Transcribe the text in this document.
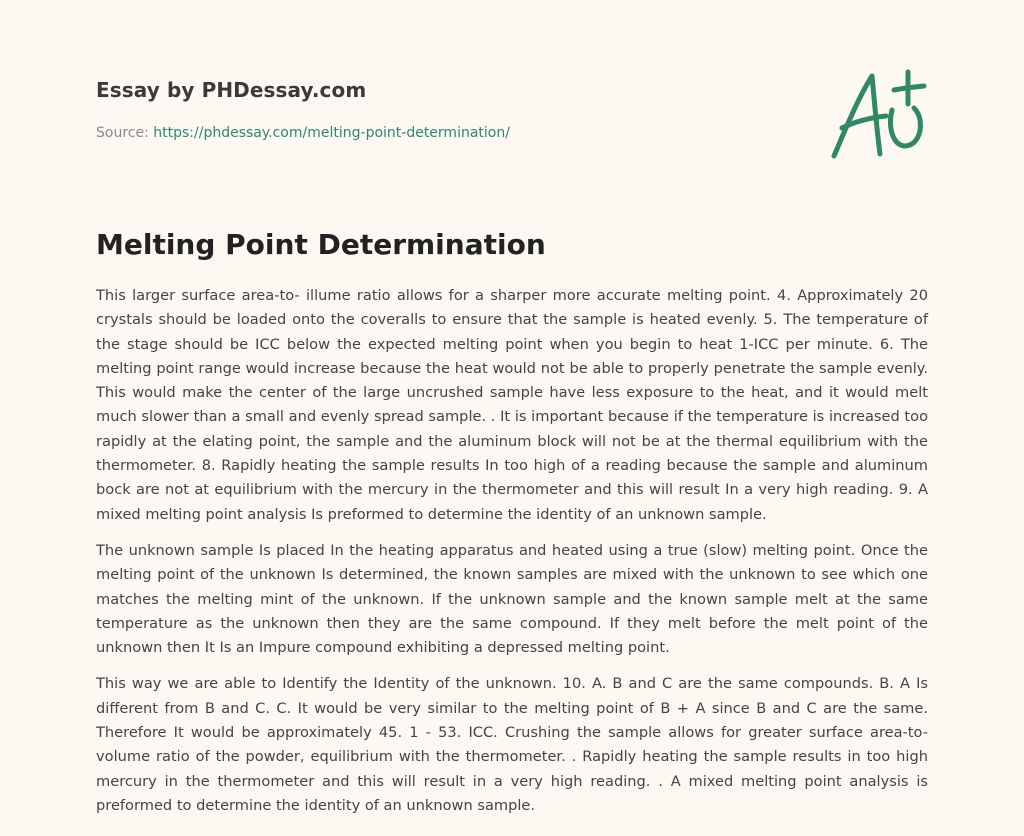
Essay by PHDessay.com
Source: https://phdessay.com/melting-point-determination/
Melting Point Determination

This larger surface area-to- illume ratio allows for a sharper more accurate melting point. 4. Approximately 20 crystals should be loaded onto the coveralls to ensure that the sample is heated evenly. 5. The temperature of the stage should be ICC below the expected melting point when you begin to heat 1-ICC per minute. 6. The melting point range would increase because the heat would not be able to properly penetrate the sample evenly. This would make the center of the large uncrushed sample have less exposure to the heat, and it would melt much slower than a small and evenly spread sample. . It is important because if the temperature is increased too rapidly at the elating point, the sample and the aluminum block will not be at the thermal equilibrium with the thermometer. 8. Rapidly heating the sample results In too high of a reading because the sample and aluminum bock are not at equilibrium with the mercury in the thermometer and this will result In a very high reading. 9. A mixed melting point analysis Is preformed to determine the identity of an unknown sample.

The unknown sample Is placed In the heating apparatus and heated using a true (slow) melting point. Once the melting point of the unknown Is determined, the known samples are mixed with the unknown to see which one matches the melting mint of the unknown. If the unknown sample and the known sample melt at the same temperature as the unknown then they are the same compound. If they melt before the melt point of the unknown then It Is an Impure compound exhibiting a depressed melting point.

This way we are able to Identify the Identity of the unknown. 10. A. B and C are the same compounds. B. A Is different from B and C. C. It would be very similar to the melting point of B + A since B and C are the same. Therefore It would be approximately 45. 1 - 53. ICC. Crushing the sample allows for greater surface area-to-volume ratio of the powder, equilibrium with the thermometer. . Rapidly heating the sample results in too high mercury in the thermometer and this will result in a very high reading. . A mixed melting point analysis is preformed to determine the identity of an unknown sample.
